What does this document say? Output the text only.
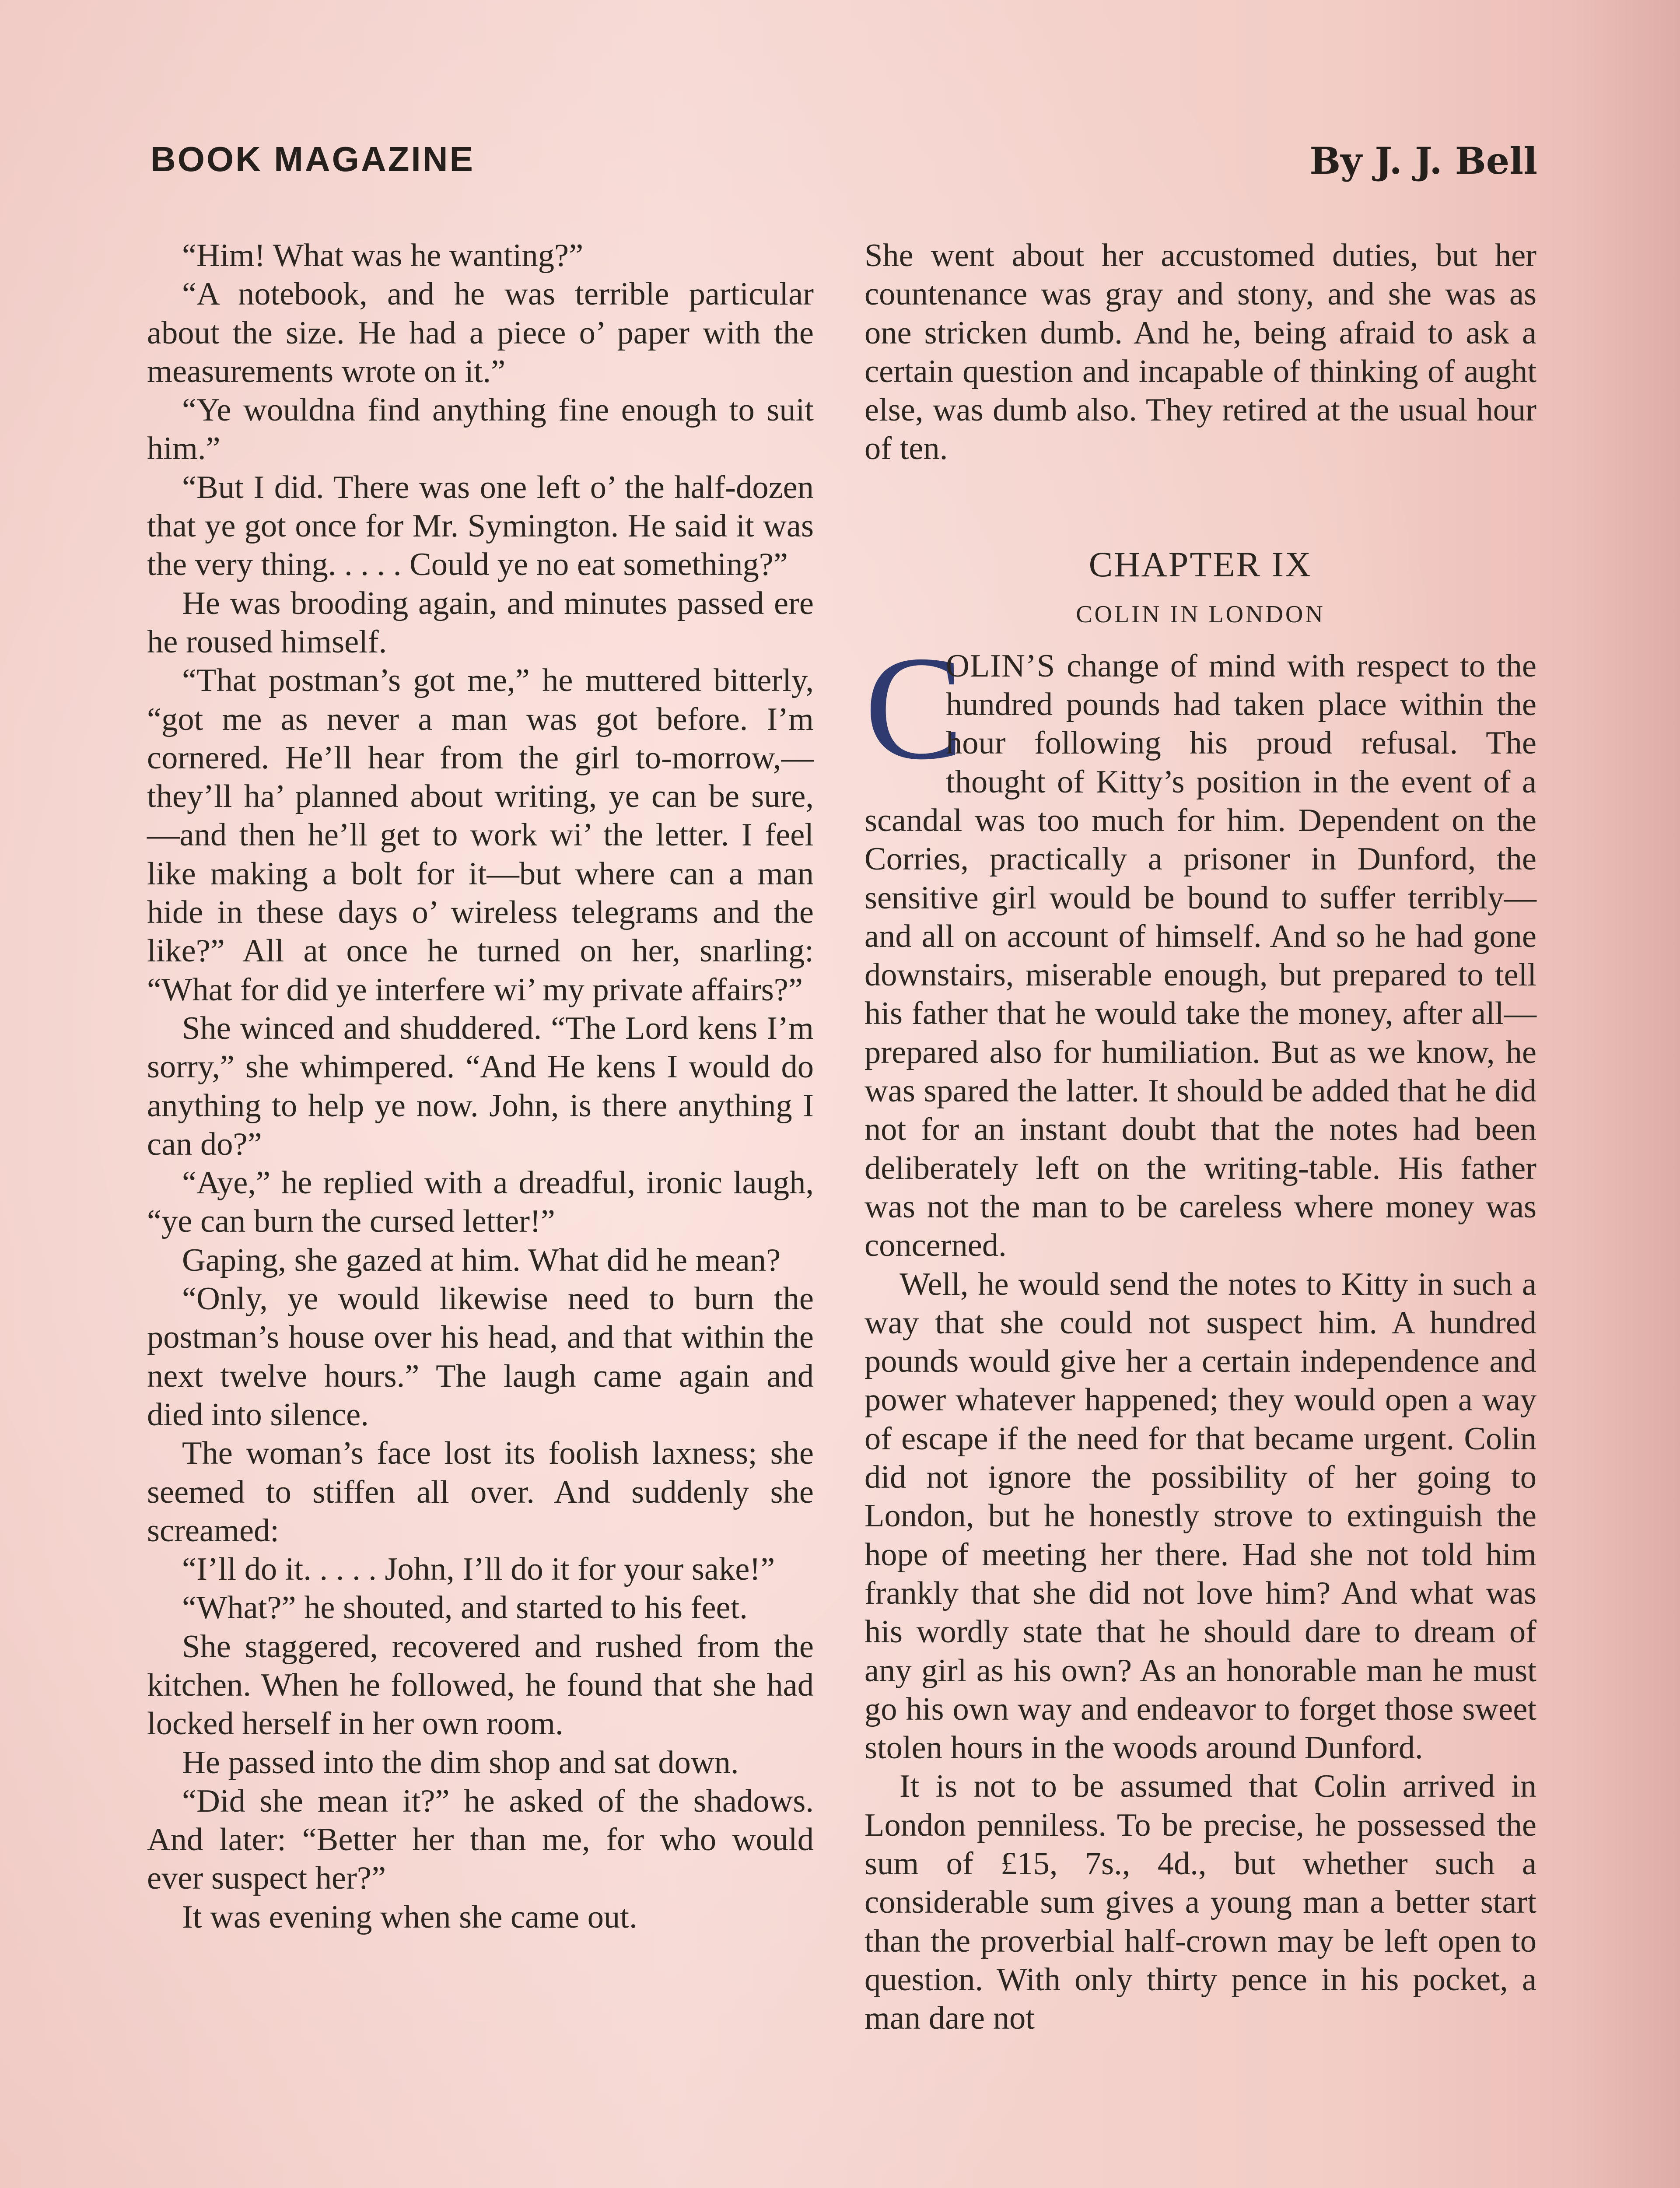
BOOK MAGAZINE	By J. J. Bell

“Him! What was he wanting?”

“A notebook, and he was terrible particular about the size. He had a piece o’ paper with the measurements wrote on it.”

“Ye wouldna find anything fine enough to suit him.”

“But I did. There was one left o’ the half-dozen that ye got once for Mr. Symington. He said it was the very thing. . . . . Could ye no eat something?”

He was brooding again, and minutes passed ere he roused himself.

“That postman’s got me,” he muttered bitterly, “got me as never a man was got before. I’m cornered. He’ll hear from the girl to-morrow,—they’ll ha’ planned about writing, ye can be sure,—and then he’ll get to work wi’ the letter. I feel like making a bolt for it—but where can a man hide in these days o’ wireless telegrams and the like?” All at once he turned on her, snarling: “What for did ye interfere wi’ my private affairs?”

She winced and shuddered. “The Lord kens I’m sorry,” she whimpered. “And He kens I would do anything to help ye now. John, is there anything I can do?”

“Aye,” he replied with a dreadful, ironic laugh, “ye can burn the cursed letter!”

Gaping, she gazed at him. What did he mean?

“Only, ye would likewise need to burn the postman’s house over his head, and that within the next twelve hours.” The laugh came again and died into silence.

The woman’s face lost its foolish laxness; she seemed to stiffen all over. And suddenly she screamed:

“I’ll do it. . . . . John, I’ll do it for your sake!”

“What?” he shouted, and started to his feet.

She staggered, recovered and rushed from the kitchen. When he followed, he found that she had locked herself in her own room.

He passed into the dim shop and sat down.

“Did she mean it?” he asked of the shadows. And later: “Better her than me, for who would ever suspect her?”

It was evening when she came out.

She went about her accustomed duties, but her countenance was gray and stony, and she was as one stricken dumb. And he, being afraid to ask a certain question and incapable of thinking of aught else, was dumb also. They retired at the usual hour of ten.

CHAPTER IX
COLIN IN LONDON

C
OLIN’S change of mind with respect to the hundred pounds had taken place within the hour following his proud refusal. The thought of Kitty’s position in the event of a scandal was too much for him. Dependent on the Corries, practically a prisoner in Dunford, the sensitive girl would be bound to suffer terribly—and all on account of himself. And so he had gone downstairs, miserable enough, but prepared to tell his father that he would take the money, after all—prepared also for humiliation. But as we know, he was spared the latter. It should be added that he did not for an instant doubt that the notes had been deliberately left on the writing-table. His father was not the man to be careless where money was concerned.

Well, he would send the notes to Kitty in such a way that she could not suspect him. A hundred pounds would give her a certain independence and power whatever happened; they would open a way of escape if the need for that became urgent. Colin did not ignore the possibility of her going to London, but he honestly strove to extinguish the hope of meeting her there. Had she not told him frankly that she did not love him? And what was his wordly state that he should dare to dream of any girl as his own? As an honorable man he must go his own way and endeavor to forget those sweet stolen hours in the woods around Dunford.

It is not to be assumed that Colin arrived in London penniless. To be precise, he possessed the sum of £15, 7s., 4d., but whether such a considerable sum gives a young man a better start than the proverbial half-crown may be left open to question. With only thirty pence in his pocket, a man dare not
